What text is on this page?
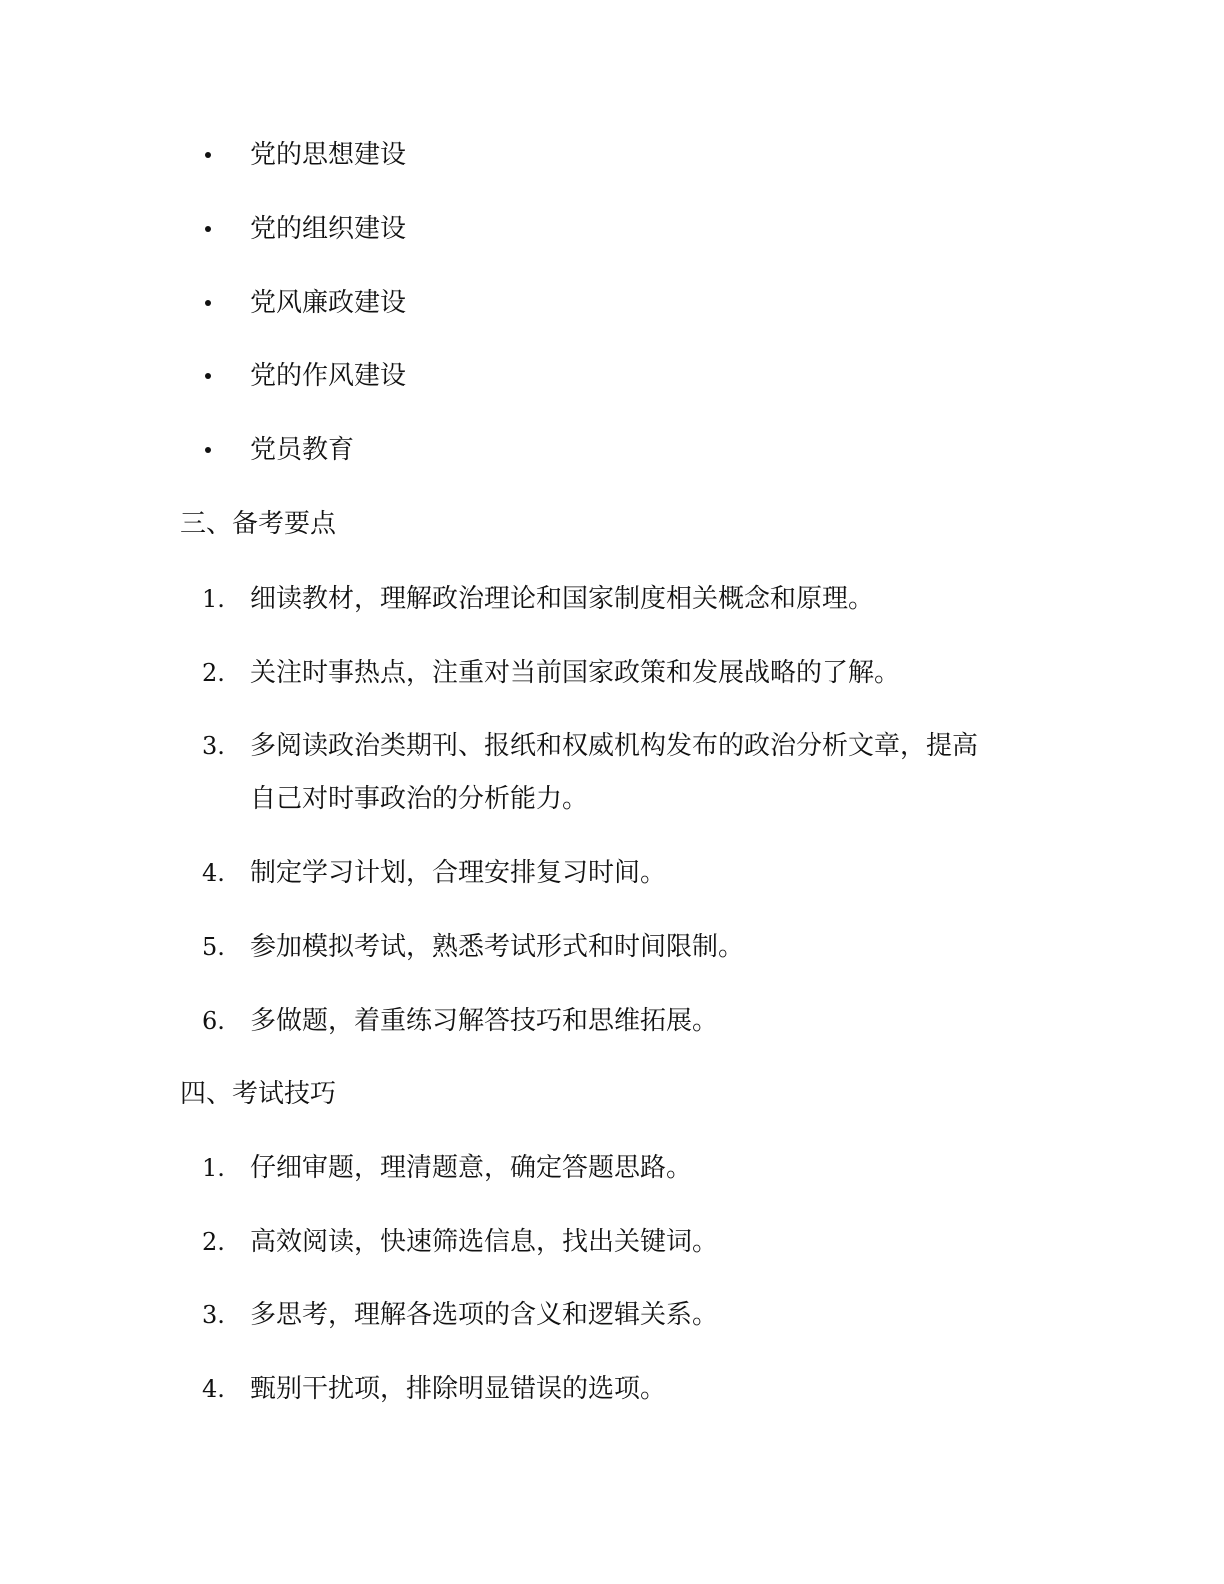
党的思想建设
党的组织建设
党风廉政建设
党的作风建设
党员教育
三、备考要点
1. 细读教材，理解政治理论和国家制度相关概念和原理。
2. 关注时事热点，注重对当前国家政策和发展战略的了解。
3. 多阅读政治类期刊、报纸和权威机构发布的政治分析文章，提高
自己对时事政治的分析能力。
4. 制定学习计划，合理安排复习时间。
5. 参加模拟考试，熟悉考试形式和时间限制。
6. 多做题，着重练习解答技巧和思维拓展。
四、考试技巧
1. 仔细审题，理清题意，确定答题思路。
2. 高效阅读，快速筛选信息，找出关键词。
3. 多思考，理解各选项的含义和逻辑关系。
4. 甄别干扰项，排除明显错误的选项。
